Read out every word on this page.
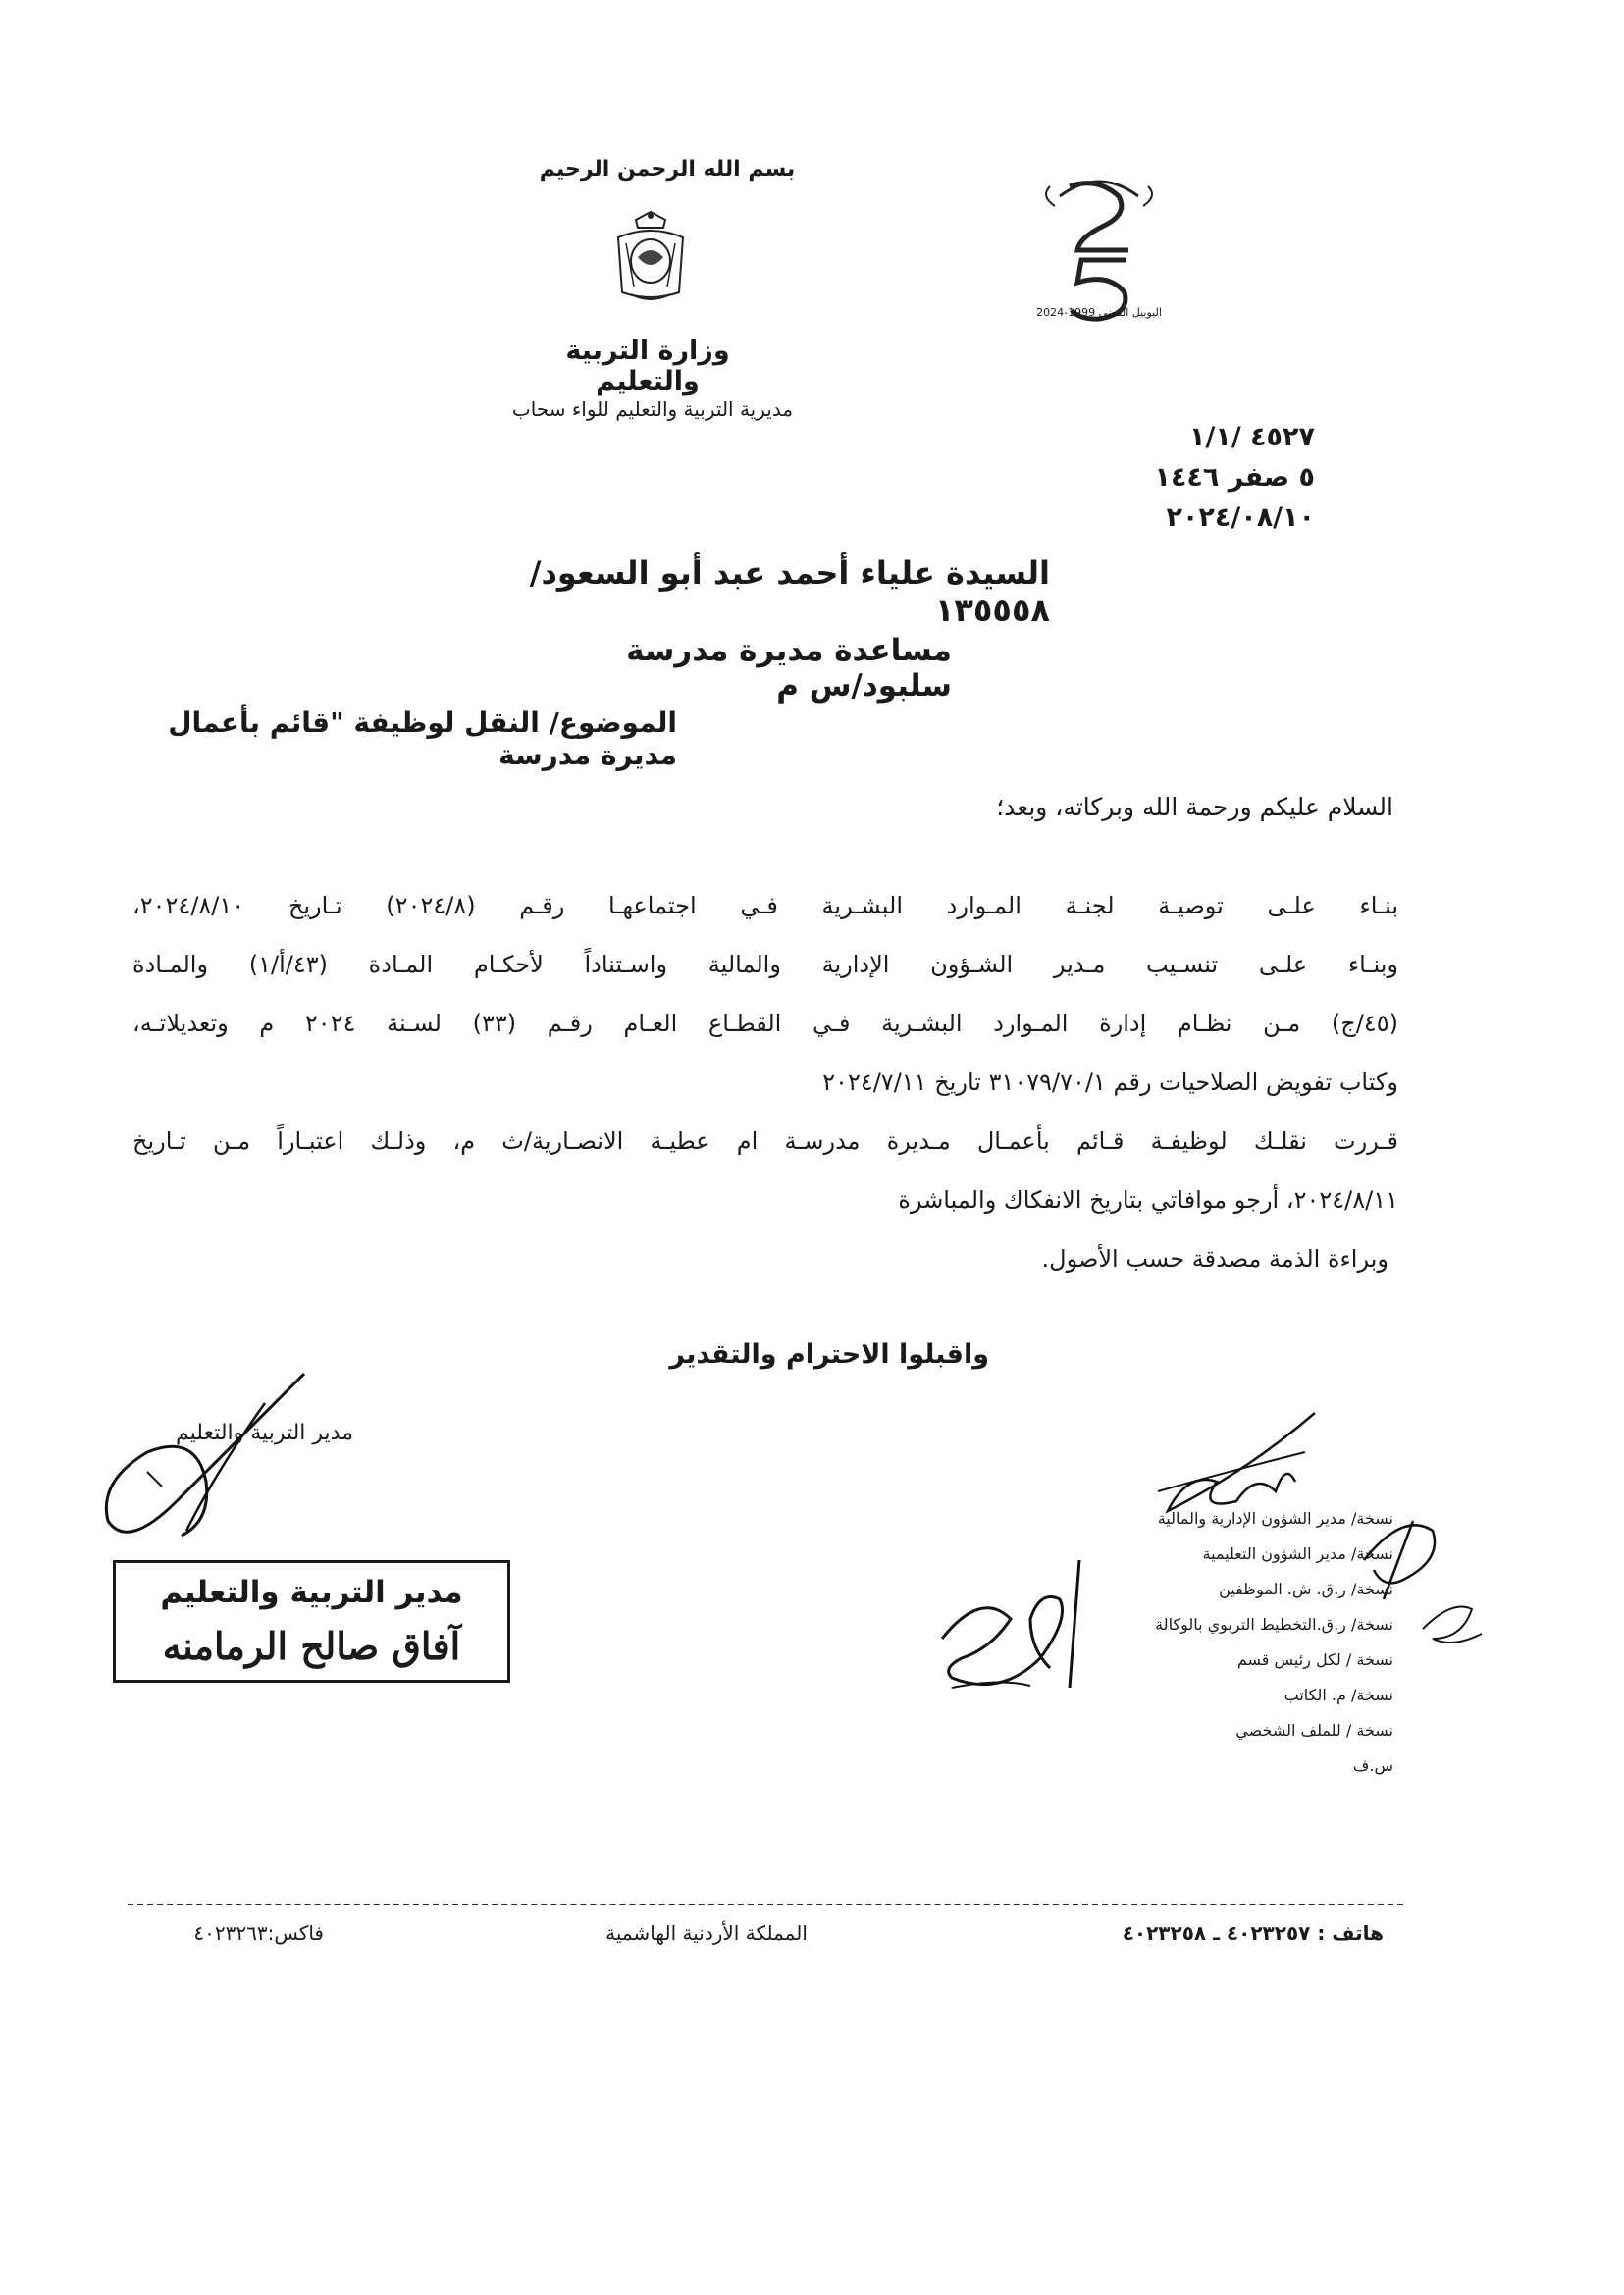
بسم الله الرحمن الرحيم
وزارة التربية والتعليم
مديرية التربية والتعليم للواء سحاب
اليوبيل الفضي 1999-2024
٤٥٢٧ /١/١
٥ صفر ١٤٤٦
٢٠٢٤/٠٨/١٠
السيدة علياء أحمد عبد أبو السعود/ ١٣٥٥٥٨
مساعدة مديرة مدرسة سلبود/س م
الموضوع/ النقل لوظيفة "قائم بأعمال مديرة مدرسة
السلام عليكم ورحمة الله وبركاته، وبعد؛

بنـاء علـى توصيـة لجنـة المـوارد البشـرية فـي اجتماعهـا رقـم (٢٠٢٤/٨) تـاريخ ٢٠٢٤/٨/١٠،

وبنـاء علـى تنسـيب مـدير الشـؤون الإدارية والمالية واسـتناداً لأحكـام المـادة (٤٣/أ/١) والمـادة

(٤٥/ج) مـن نظـام إدارة المـوارد البشـرية فـي القطـاع العـام رقـم (٣٣) لسـنة ٢٠٢٤ م وتعديلاتـه،

وكتاب تفويض الصلاحيات رقم ٣١٠٧٩/٧٠/١ تاريخ ٢٠٢٤/٧/١١

قـررت نقلـك لوظيفـة قـائم بأعمـال مـديرة مدرسـة ام عطيـة الانصـارية/ث م، وذلـك اعتبـاراً مـن تـاريخ

٢٠٢٤/٨/١١، أرجو موافاتي بتاريخ الانفكاك والمباشرة

وبراءة الذمة مصدقة حسب الأصول.

واقبلوا الاحترام والتقدير
مدير التربية والتعليم
مدير التربية والتعليم
آفاق صالح الرمامنه
نسخة/ مدير الشؤون الإدارية والمالية
نسخة/ مدير الشؤون التعليمية
نسخة/ ر.ق. ش. الموظفين
نسخة/ ر.ق.التخطيط التربوي بالوكالة
نسخة / لكل رئيس قسم
نسخة/ م. الكاتب
نسخة / للملف الشخصي
س.ف
هاتف : ٤٠٢٣٢٥٧ ـ ٤٠٢٣٢٥٨
المملكة الأردنية الهاشمية
فاكس:٤٠٢٣٢٦٣
